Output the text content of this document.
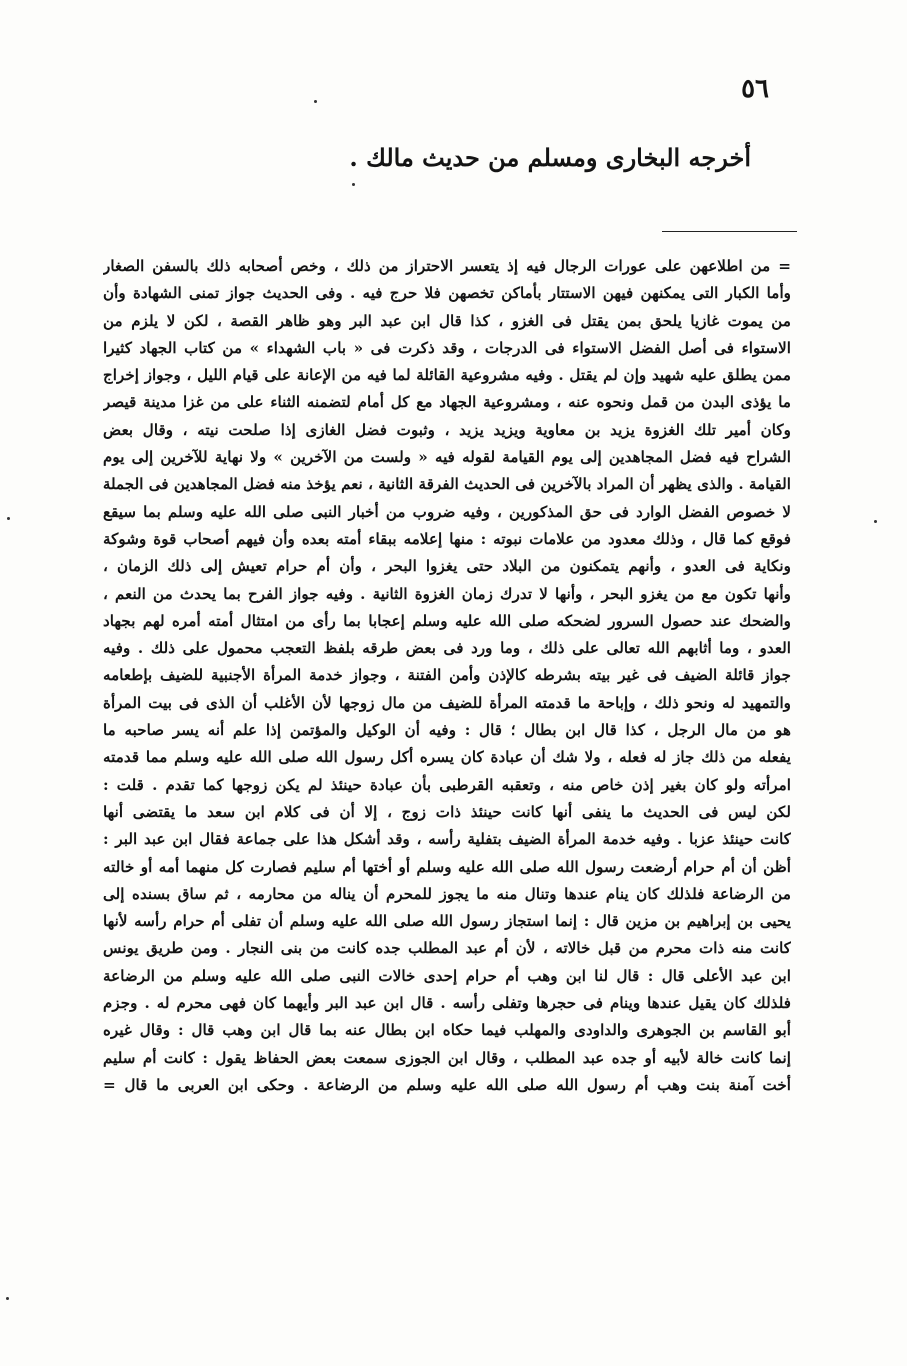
٥٦
أخرجه البخارى ومسلم من حديث مالك .
= من اطلاعهن على عورات الرجال فيه إذ يتعسر الاحتراز من ذلك ، وخص أصحابه ذلك بالسفن الصغار
وأما الكبار التى يمكنهن فيهن الاستتار بأماكن تخصهن فلا حرج فيه . وفى الحديث جواز تمنى الشهادة وأن
من يموت غازيا يلحق بمن يقتل فى الغزو ، كذا قال ابن عبد البر وهو ظاهر القصة ، لكن لا يلزم من
الاستواء فى أصل الفضل الاستواء فى الدرجات ، وقد ذكرت فى « باب الشهداء » من كتاب الجهاد كثيرا
ممن يطلق عليه شهيد وإن لم يقتل . وفيه مشروعية القائلة لما فيه من الإعانة على قيام الليل ، وجواز إخراج
ما يؤذى البدن من قمل ونحوه عنه ، ومشروعية الجهاد مع كل أمام لتضمنه الثناء على من غزا مدينة قيصر
وكان أمير تلك الغزوة يزيد بن معاوية ويزيد يزيد ، وثبوت فضل الغازى إذا صلحت نيته ، وقال بعض
الشراح فيه فضل المجاهدين إلى يوم القيامة لقوله فيه « ولست من الآخرين » ولا نهاية للآخرين إلى يوم
القيامة . والذى يظهر أن المراد بالآخرين فى الحديث الفرقة الثانية ، نعم يؤخذ منه فضل المجاهدين فى الجملة
لا خصوص الفضل الوارد فى حق المذكورين ، وفيه ضروب من أخبار النبى صلى الله عليه وسلم بما سيقع
فوقع كما قال ، وذلك معدود من علامات نبوته : منها إعلامه ببقاء أمته بعده وأن فيهم أصحاب قوة وشوكة
ونكاية فى العدو ، وأنهم يتمكنون من البلاد حتى يغزوا البحر ، وأن أم حرام تعيش إلى ذلك الزمان ،
وأنها تكون مع من يغزو البحر ، وأنها لا تدرك زمان الغزوة الثانية . وفيه جواز الفرح بما يحدث من النعم ،
والضحك عند حصول السرور لضحكه صلى الله عليه وسلم إعجابا بما رأى من امتثال أمته أمره لهم بجهاد
العدو ، وما أثابهم الله تعالى على ذلك ، وما ورد فى بعض طرقه بلفظ التعجب محمول على ذلك . وفيه
جواز قائلة الضيف فى غير بيته بشرطه كالإذن وأمن الفتنة ، وجواز خدمة المرأة الأجنبية للضيف بإطعامه
والتمهيد له ونحو ذلك ، وإباحة ما قدمته المرأة للضيف من مال زوجها لأن الأغلب أن الذى فى بيت المرأة
هو من مال الرجل ، كذا قال ابن بطال ؛ قال : وفيه أن الوكيل والمؤتمن إذا علم أنه يسر صاحبه ما
يفعله من ذلك جاز له فعله ، ولا شك أن عبادة كان يسره أكل رسول الله صلى الله عليه وسلم مما قدمته
امرأته ولو كان بغير إذن خاص منه ، وتعقبه القرطبى بأن عبادة حينئذ لم يكن زوجها كما تقدم . قلت :
لكن ليس فى الحديث ما ينفى أنها كانت حينئذ ذات زوج ، إلا أن فى كلام ابن سعد ما يقتضى أنها
كانت حينئذ عزبا . وفيه خدمة المرأة الضيف بتفلية رأسه ، وقد أشكل هذا على جماعة فقال ابن عبد البر :
أظن أن أم حرام أرضعت رسول الله صلى الله عليه وسلم أو أختها أم سليم فصارت كل منهما أمه أو خالته
من الرضاعة فلذلك كان ينام عندها وتنال منه ما يجوز للمحرم أن يناله من محارمه ، ثم ساق بسنده إلى
يحيى بن إبراهيم بن مزين قال : إنما استجاز رسول الله صلى الله عليه وسلم أن تفلى أم حرام رأسه لأنها
كانت منه ذات محرم من قبل خالاته ، لأن أم عبد المطلب جده كانت من بنى النجار . ومن طريق يونس
ابن عبد الأعلى قال : قال لنا ابن وهب أم حرام إحدى خالات النبى صلى الله عليه وسلم من الرضاعة
فلذلك كان يقيل عندها وينام فى حجرها وتفلى رأسه . قال ابن عبد البر وأيهما كان فهى محرم له . وجزم
أبو القاسم بن الجوهرى والداودى والمهلب فيما حكاه ابن بطال عنه بما قال ابن وهب قال : وقال غيره
إنما كانت خالة لأبيه أو جده عبد المطلب ، وقال ابن الجوزى سمعت بعض الحفاظ يقول : كانت أم سليم
أخت آمنة بنت وهب أم رسول الله صلى الله عليه وسلم من الرضاعة . وحكى ابن العربى ما قال =
